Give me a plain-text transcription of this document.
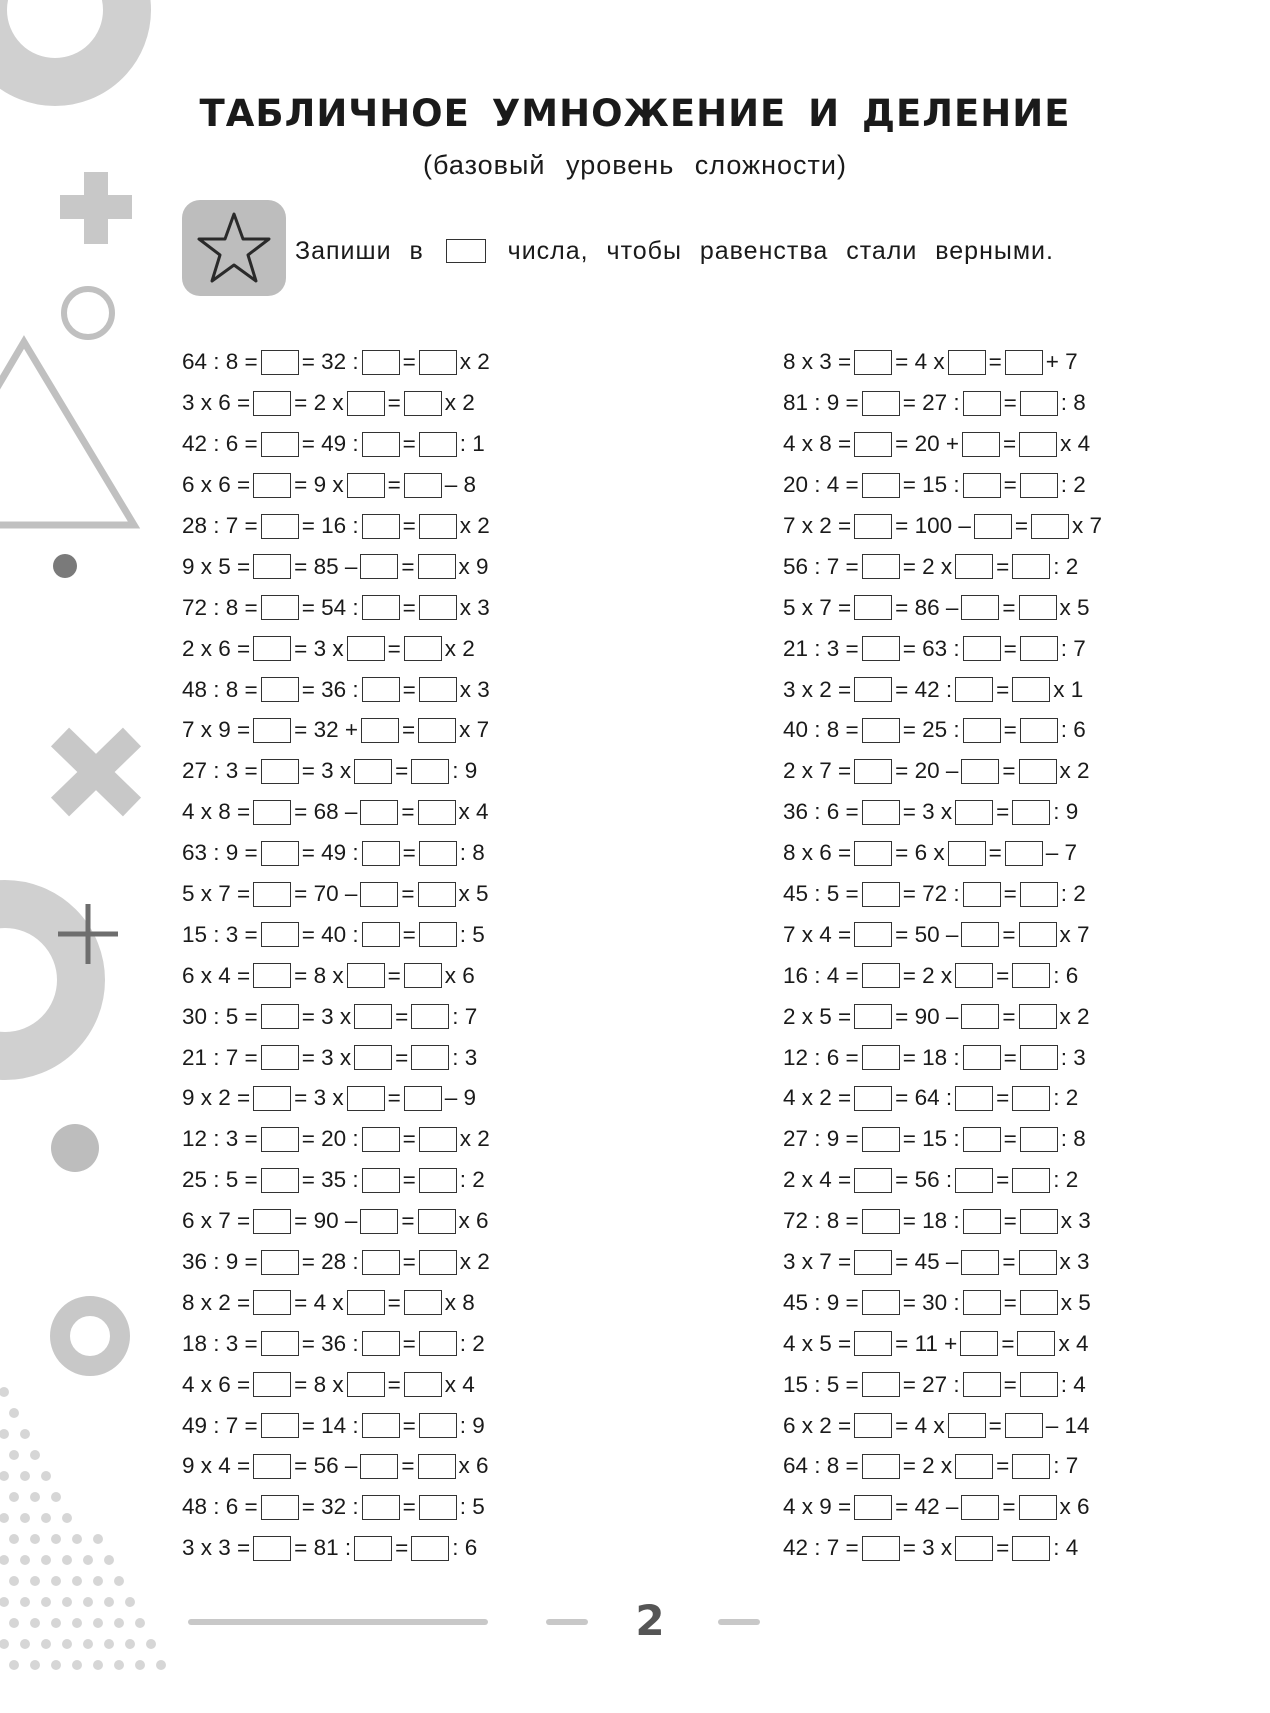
ТАБЛИЧНОЕ УМНОЖЕНИЕ И ДЕЛЕНИЕ
(базовый уровень сложности)
Запиши в	числа, чтобы равенства стали верными.
64 : 8 = = 32 : = x 2
3 x 6 = = 2 x = x 2
42 : 6 = = 49 : = : 1
6 x 6 = = 9 x = – 8
28 : 7 = = 16 : = x 2
9 x 5 = = 85 – = x 9
72 : 8 = = 54 : = x 3
2 x 6 = = 3 x = x 2
48 : 8 = = 36 : = x 3
7 x 9 = = 32 + = x 7
27 : 3 = = 3 x = : 9
4 x 8 = = 68 – = x 4
63 : 9 = = 49 : = : 8
5 x 7 = = 70 – = x 5
15 : 3 = = 40 : = : 5
6 x 4 = = 8 x = x 6
30 : 5 = = 3 x = : 7
21 : 7 = = 3 x = : 3
9 x 2 = = 3 x = – 9
12 : 3 = = 20 : = x 2
25 : 5 = = 35 : = : 2
6 x 7 = = 90 – = x 6
36 : 9 = = 28 : = x 2
8 x 2 = = 4 x = x 8
18 : 3 = = 36 : = : 2
4 x 6 = = 8 x = x 4
49 : 7 = = 14 : = : 9
9 x 4 = = 56 – = x 6
48 : 6 = = 32 : = : 5
3 x 3 = = 81 : = : 6
8 x 3 = = 4 x = + 7
81 : 9 = = 27 : = : 8
4 x 8 = = 20 + = x 4
20 : 4 = = 15 : = : 2
7 x 2 = = 100 – = x 7
56 : 7 = = 2 x = : 2
5 x 7 = = 86 – = x 5
21 : 3 = = 63 : = : 7
3 x 2 = = 42 : = x 1
40 : 8 = = 25 : = : 6
2 x 7 = = 20 – = x 2
36 : 6 = = 3 x = : 9
8 x 6 = = 6 x = – 7
45 : 5 = = 72 : = : 2
7 x 4 = = 50 – = x 7
16 : 4 = = 2 x = : 6
2 x 5 = = 90 – = x 2
12 : 6 = = 18 : = : 3
4 x 2 = = 64 : = : 2
27 : 9 = = 15 : = : 8
2 x 4 = = 56 : = : 2
72 : 8 = = 18 : = x 3
3 x 7 = = 45 – = x 3
45 : 9 = = 30 : = x 5
4 x 5 = = 11 + = x 4
15 : 5 = = 27 : = : 4
6 x 2 = = 4 x = – 14
64 : 8 = = 2 x = : 7
4 x 9 = = 42 – = x 6
42 : 7 = = 3 x = : 4
2
